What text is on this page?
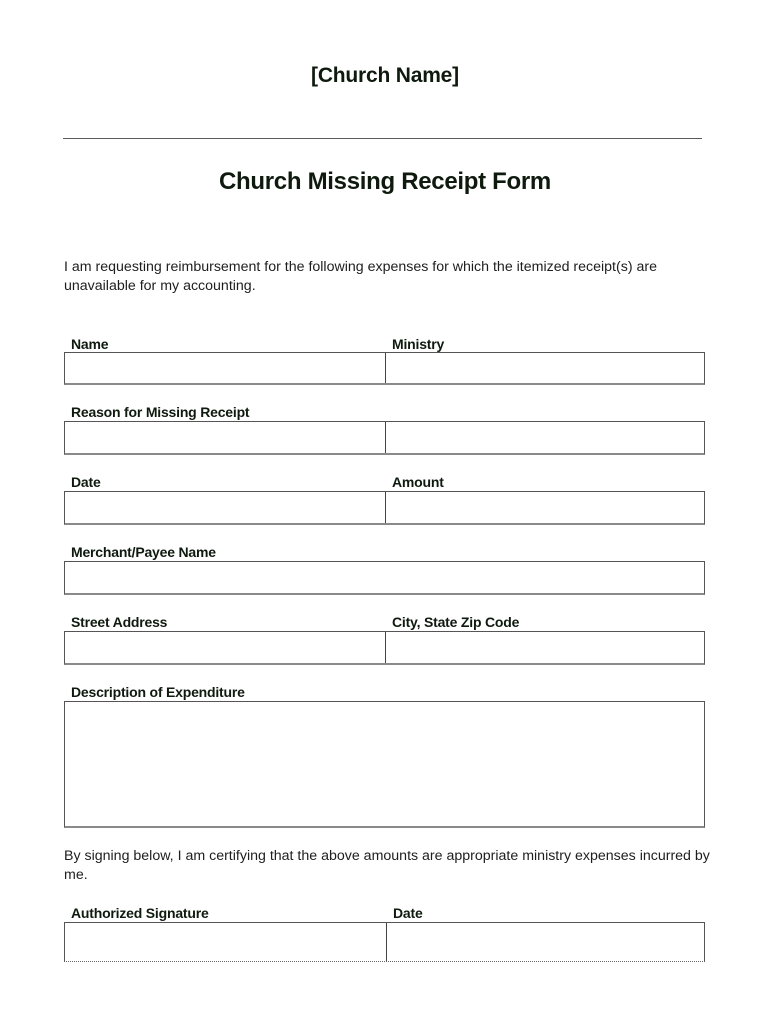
[Church Name]
Church Missing Receipt Form
I am requesting reimbursement for the following expenses for which the itemized receipt(s) are unavailable for my accounting.
Name	Ministry
Reason for Missing Receipt
Date	Amount
Merchant/Payee Name
Street Address	City, State Zip Code
Description of Expenditure
By signing below, I am certifying that the above amounts are appropriate ministry expenses incurred by me.
Authorized Signature	Date
